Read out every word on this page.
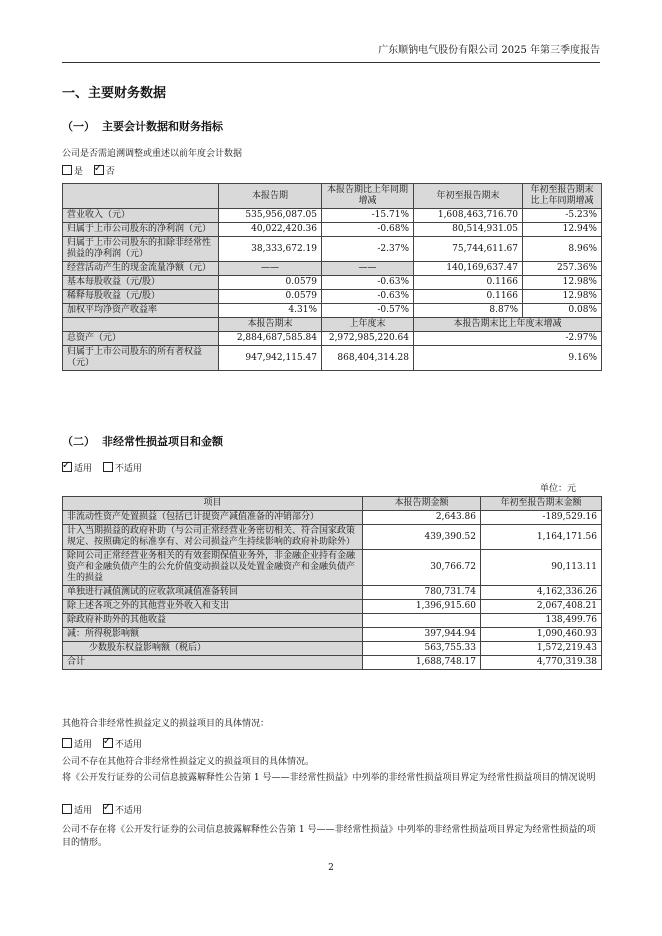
广东顺钠电气股份有限公司 2025 年第三季度报告
一、主要财务数据
（一） 主要会计数据和财务指标
公司是否需追溯调整或重述以前年度会计数据
是 ✓	否
	本报告期	本报告期比上年同期增减	年初至报告期末	年初至报告期末比上年同期增减
营业收入（元）	535,956,087.05	-15.71%	1,608,463,716.70	-5.23%
归属于上市公司股东的净利润（元）	40,022,420.36	-0.68%	80,514,931.05	12.94%
归属于上市公司股东的扣除非经常性损益的净利润（元）	38,333,672.19	-2.37%	75,744,611.67	8.96%
经营活动产生的现金流量净额（元）	——	——	140,169,637.47	257.36%
基本每股收益（元/股）	0.0579	-0.63%	0.1166	12.98%
稀释每股收益（元/股）	0.0579	-0.63%	0.1166	12.98%
加权平均净资产收益率	4.31%	-0.57%	8.87%	0.08%
	本报告期末	上年度末	本报告期末比上年度末增减	
总资产（元）	2,884,687,585.84	2,972,985,220.64	-2.97%	
归属于上市公司股东的所有者权益（元）	947,942,115.47	868,404,314.28	9.16%	
（二） 非经常性损益项目和金额
✓适用	不适用
单位：元
项目	本报告期金额	年初至报告期末金额
非流动性资产处置损益（包括已计提资产减值准备的冲销部分）	2,643.86	-189,529.16
计入当期损益的政府补助（与公司正常经营业务密切相关、符合国家政策规定、按照确定的标准享有、对公司损益产生持续影响的政府补助除外）	439,390.52	1,164,171.56
除同公司正常经营业务相关的有效套期保值业务外，非金融企业持有金融资产和金融负债产生的公允价值变动损益以及处置金融资产和金融负债产生的损益	30,766.72	90,113.11
单独进行减值测试的应收款项减值准备转回	780,731.74	4,162,336.26
除上述各项之外的其他营业外收入和支出	1,396,915.60	2,067,408.21
除政府补助外的其他收益		138,499.76
减：所得税影响额	397,944.94	1,090,460.93
少数股东权益影响额（税后）	563,755.33	1,572,219.43
合计	1,688,748.17	4,770,319.38
其他符合非经常性损益定义的损益项目的具体情况：
适用 ✓	不适用
公司不存在其他符合非经常性损益定义的损益项目的具体情况。
将《公开发行证券的公司信息披露解释性公告第 1 号——非经常性损益》中列举的非经常性损益项目界定为经常性损益项目的情况说明
适用 ✓	不适用
公司不存在将《公开发行证券的公司信息披露解释性公告第 1 号——非经常性损益》中列举的非经常性损益项目界定为经常性损益的项目的情形。
2
